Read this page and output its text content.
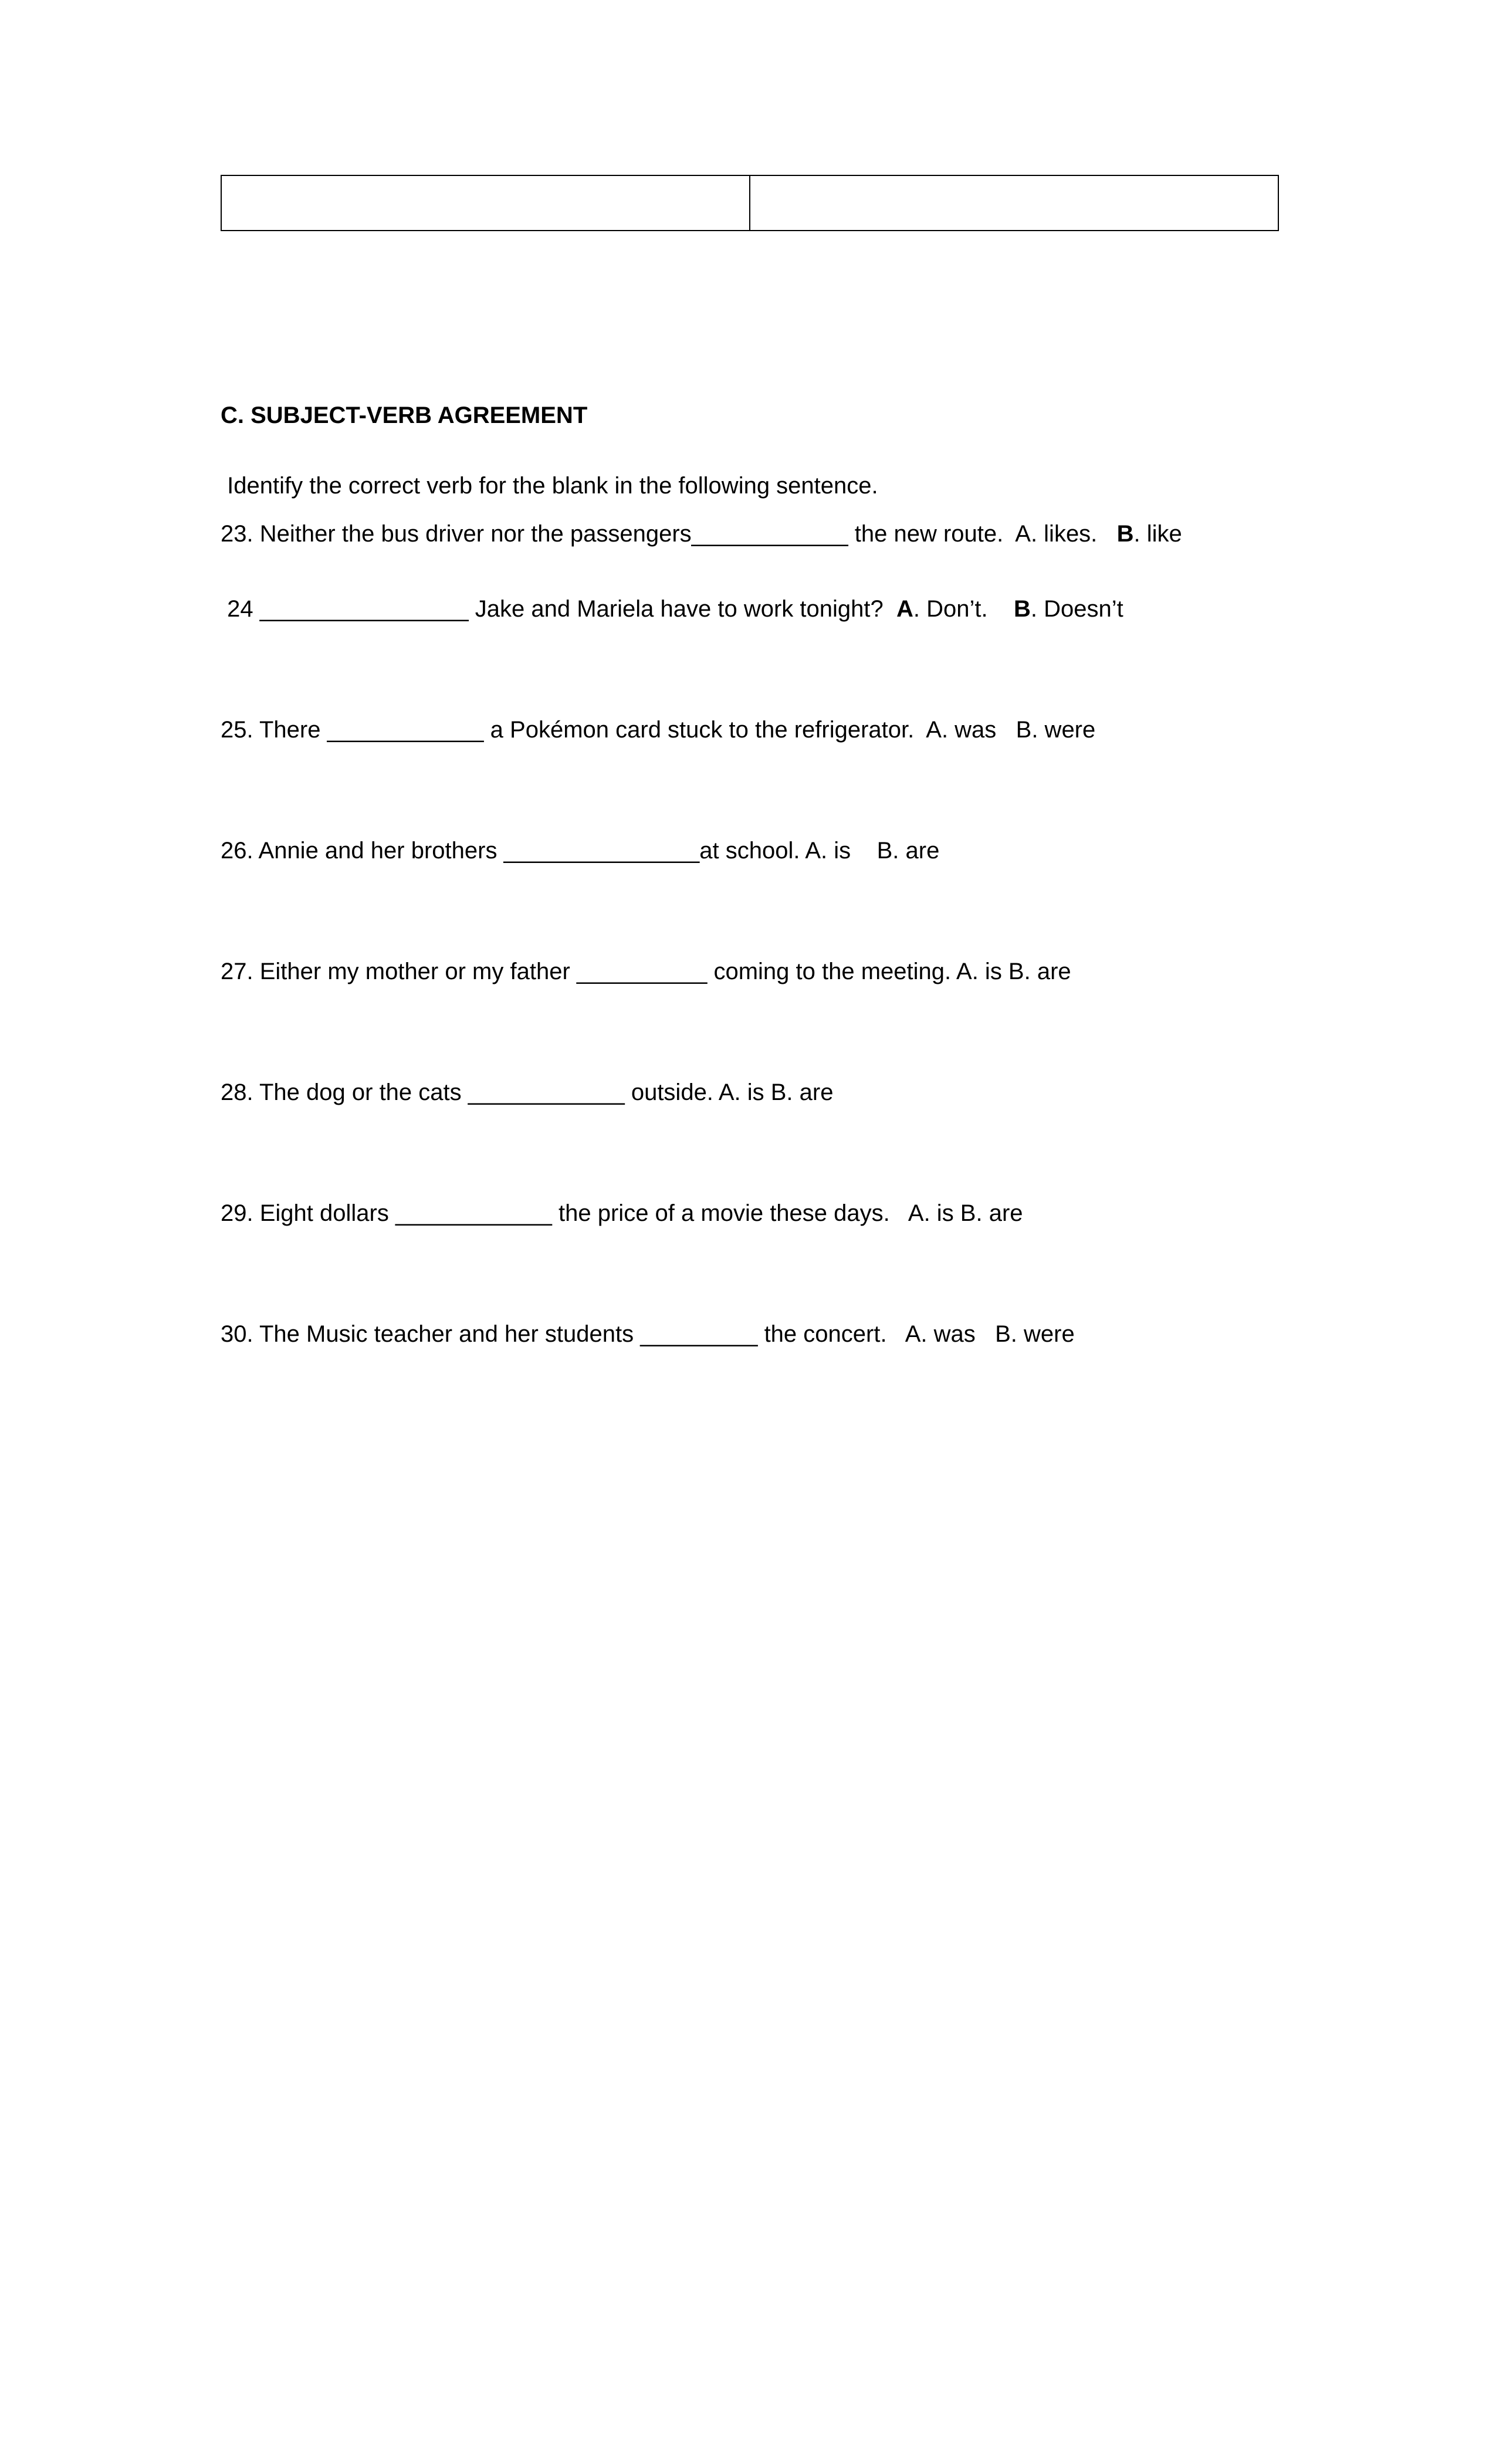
C. SUBJECT-VERB AGREEMENT

Identify the correct verb for the blank in the following sentence.

23. Neither the bus driver nor the passengers____________ the new route.  A. likes.   B. like

24 ________________ Jake and Mariela have to work tonight?  A. Don’t.    B. Doesn’t

25. There ____________ a Pokémon card stuck to the refrigerator.  A. was   B. were

26. Annie and her brothers _______________at school. A. is    B. are

27. Either my mother or my father __________ coming to the meeting. A. is B. are

28. The dog or the cats ____________ outside. A. is B. are

29. Eight dollars ____________ the price of a movie these days.   A. is B. are

30. The Music teacher and her students _________ the concert.   A. was   B. were
